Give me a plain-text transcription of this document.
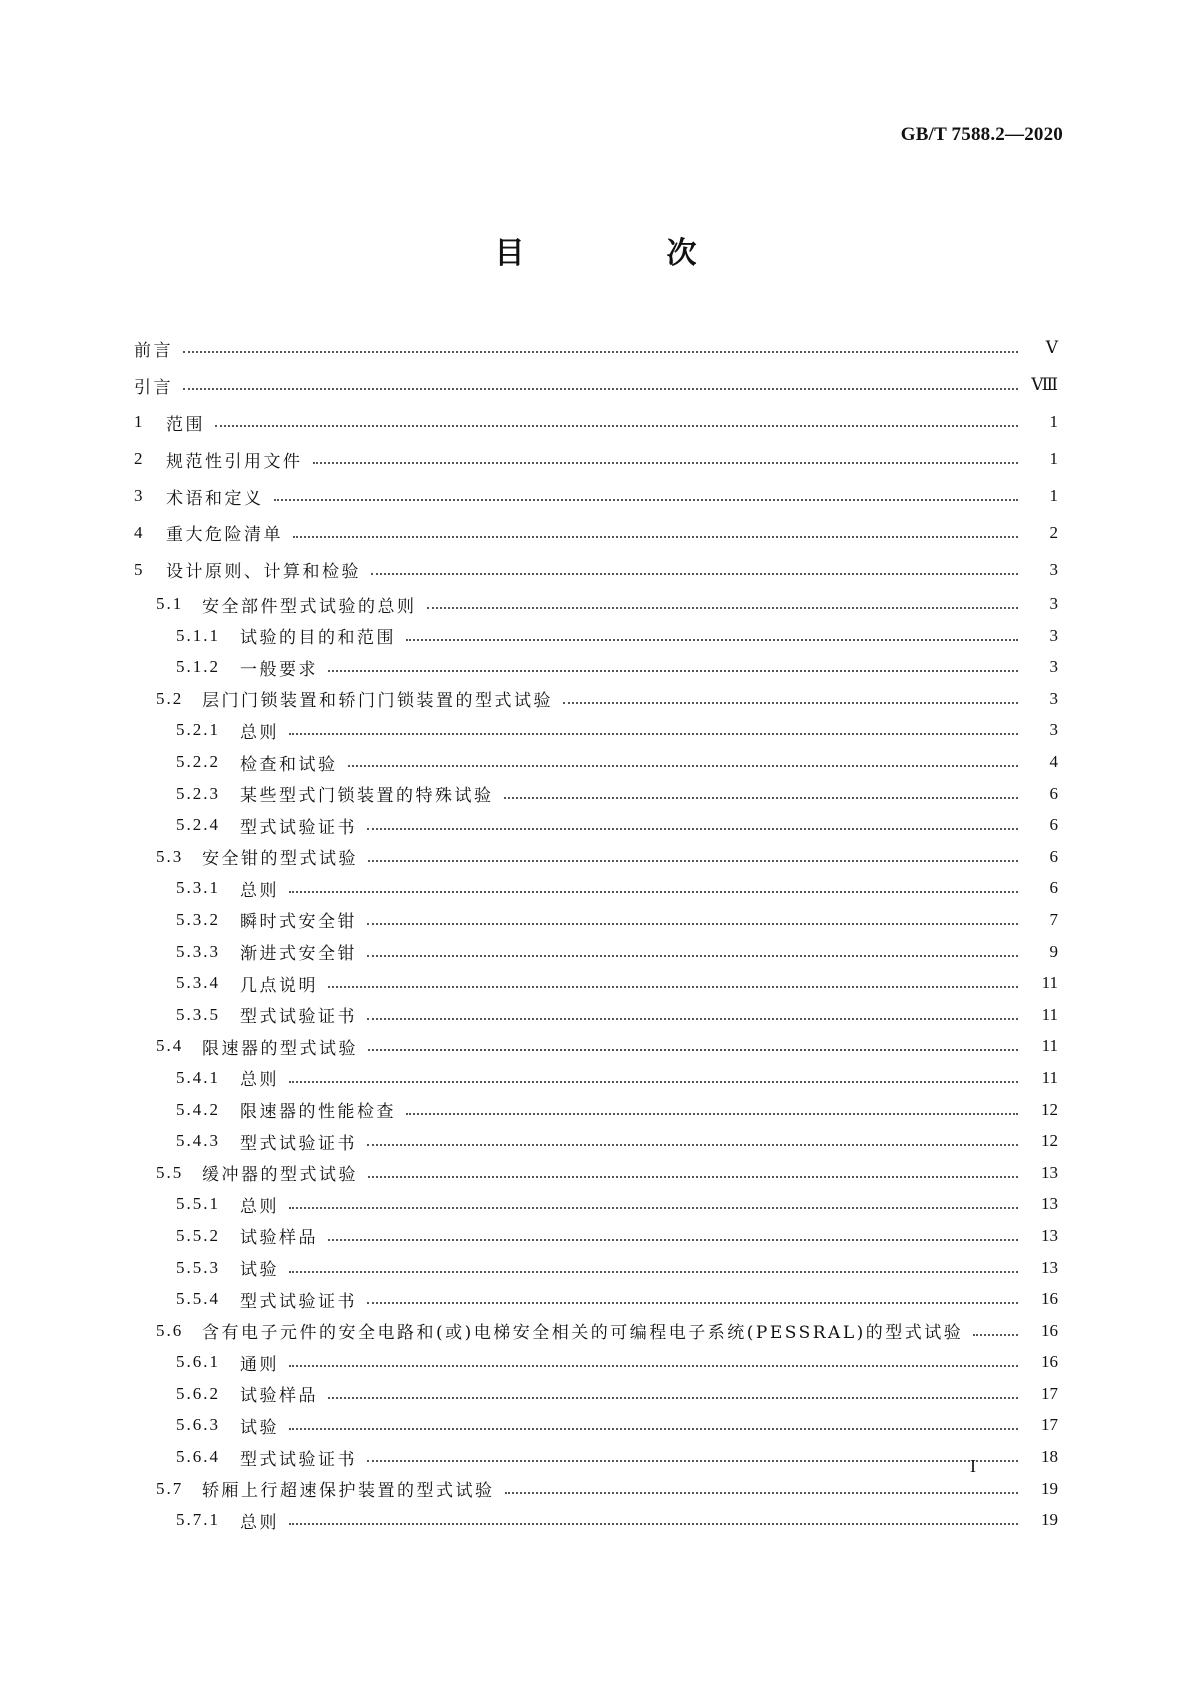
GB/T 7588.2—2020
目　次
前言	Ⅴ
引言	Ⅷ
1	范围	1
2	规范性引用文件	1
3	术语和定义	1
4	重大危险清单	2
5	设计原则、计算和检验	3
5.1	安全部件型式试验的总则	3
5.1.1	试验的目的和范围	3
5.1.2	一般要求	3
5.2	层门门锁装置和轿门门锁装置的型式试验	3
5.2.1	总则	3
5.2.2	检查和试验	4
5.2.3	某些型式门锁装置的特殊试验	6
5.2.4	型式试验证书	6
5.3	安全钳的型式试验	6
5.3.1	总则	6
5.3.2	瞬时式安全钳	7
5.3.3	渐进式安全钳	9
5.3.4	几点说明	11
5.3.5	型式试验证书	11
5.4	限速器的型式试验	11
5.4.1	总则	11
5.4.2	限速器的性能检查	12
5.4.3	型式试验证书	12
5.5	缓冲器的型式试验	13
5.5.1	总则	13
5.5.2	试验样品	13
5.5.3	试验	13
5.5.4	型式试验证书	16
5.6	含有电子元件的安全电路和(或)电梯安全相关的可编程电子系统(PESSRAL)的型式试验	16
5.6.1	通则	16
5.6.2	试验样品	17
5.6.3	试验	17
5.6.4	型式试验证书	18
5.7	轿厢上行超速保护装置的型式试验	19
5.7.1	总则	19
I
